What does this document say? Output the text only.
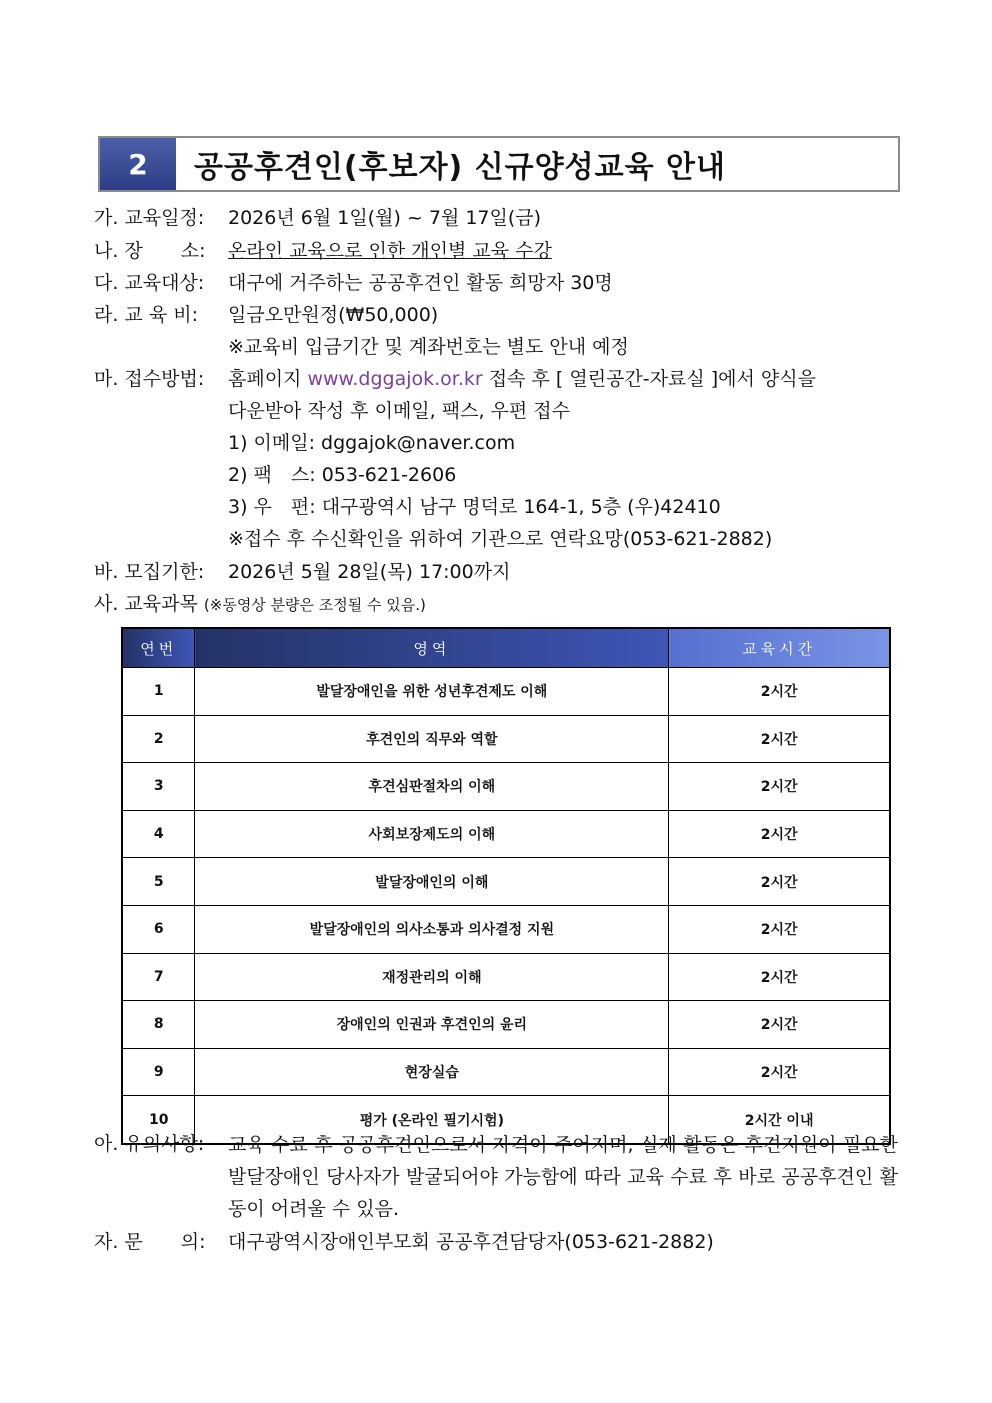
2	공공후견인(후보자) 신규양성교육 안내
가. 교육일정: 2026년 6월 1일(월) ~ 7월 17일(금)
나. 장　　소: 온라인 교육으로 인한 개인별 교육 수강
다. 교육대상: 대구에 거주하는 공공후견인 활동 희망자 30명
라. 교 육 비: 일금오만원정(₩50,000)
※교육비 입금기간 및 계좌번호는 별도 안내 예정
마. 접수방법: 홈페이지 www.dggajok.or.kr 접속 후 [ 열린공간-자료실 ]에서 양식을
다운받아 작성 후 이메일, 팩스, 우편 접수
1) 이메일: dggajok@naver.com
2) 팩　스: 053-621-2606
3) 우　편: 대구광역시 남구 명덕로 164-1, 5층 (우)42410
※접수 후 수신확인을 위하여 기관으로 연락요망(053-621-2882)
바. 모집기한: 2026년 5월 28일(목) 17:00까지
사. 교육과목 (※동영상 분량은 조정될 수 있음.)
연번	영역	교육시간
1	발달장애인을 위한 성년후견제도 이해	2시간
2	후견인의 직무와 역할	2시간
3	후견심판절차의 이해	2시간
4	사회보장제도의 이해	2시간
5	발달장애인의 이해	2시간
6	발달장애인의 의사소통과 의사결정 지원	2시간
7	재정관리의 이해	2시간
8	장애인의 인권과 후견인의 윤리	2시간
9	현장실습	2시간
10	평가 (온라인 필기시험)	2시간 이내
아. 유의사항: 교육 수료 후 공공후견인으로서 자격이 주어지며, 실제 활동은 후견지원이 필요한 발달장애인 당사자가 발굴되어야 가능함에 따라 교육 수료 후 바로 공공후견인 활동이 어려울 수 있음.
자. 문　　의: 대구광역시장애인부모회 공공후견담당자(053-621-2882)
